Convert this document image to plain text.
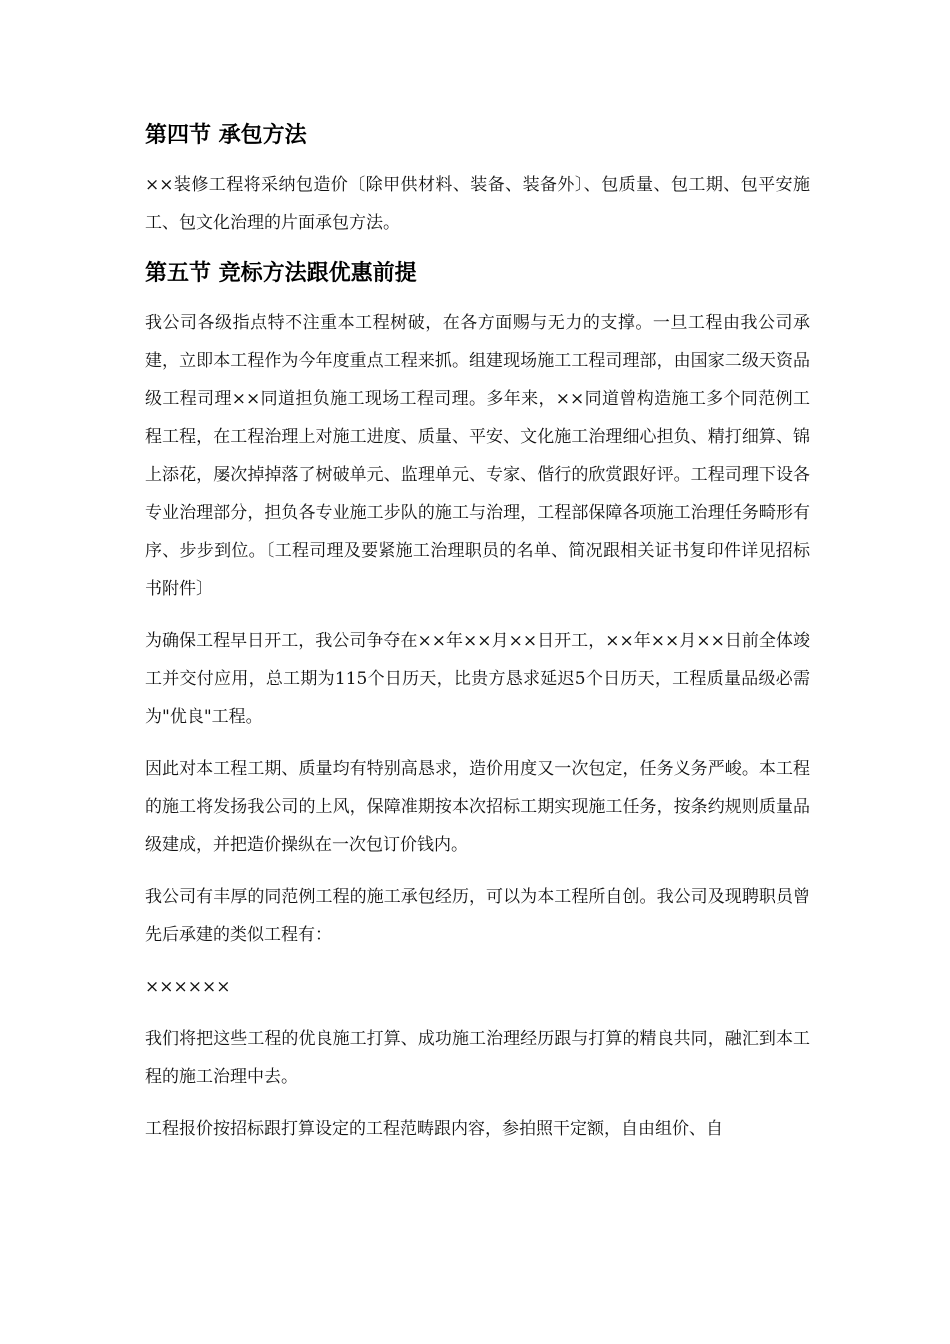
第四节 承包方法

××装修工程将采纳包造价〔除甲供材料、装备、装备外〕、包质量、包工期、包平安施工、包文化治理的片面承包方法。

第五节 竞标方法跟优惠前提

我公司各级指点特不注重本工程树破，在各方面赐与无力的支撑。一旦工程由我公司承建，立即本工程作为今年度重点工程来抓。组建现场施工工程司理部，由国家二级天资品级工程司理××同道担负施工现场工程司理。多年来，××同道曾构造施工多个同范例工程工程，在工程治理上对施工进度、质量、平安、文化施工治理细心担负、精打细算、锦上添花，屡次掉掉落了树破单元、监理单元、专家、偕行的欣赏跟好评。工程司理下设各专业治理部分，担负各专业施工步队的施工与治理，工程部保障各项施工治理任务畸形有序、步步到位。〔工程司理及要紧施工治理职员的名单、简况跟相关证书复印件详见招标书附件〕

为确保工程早日开工，我公司争夺在××年××月××日开工，××年××月××日前全体竣工并交付应用，总工期为115个日历天，比贵方恳求延迟5个日历天，工程质量品级必需为"优良"工程。

因此对本工程工期、质量均有特别高恳求，造价用度又一次包定，任务义务严峻。本工程的施工将发扬我公司的上风，保障准期按本次招标工期实现施工任务，按条约规则质量品级建成，并把造价操纵在一次包订价钱内。

我公司有丰厚的同范例工程的施工承包经历，可以为本工程所自创。我公司及现聘职员曾先后承建的类似工程有：

××××××

我们将把这些工程的优良施工打算、成功施工治理经历跟与打算的精良共同，融汇到本工程的施工治理中去。

工程报价按招标跟打算设定的工程范畴跟内容，参拍照干定额，自由组价、自
